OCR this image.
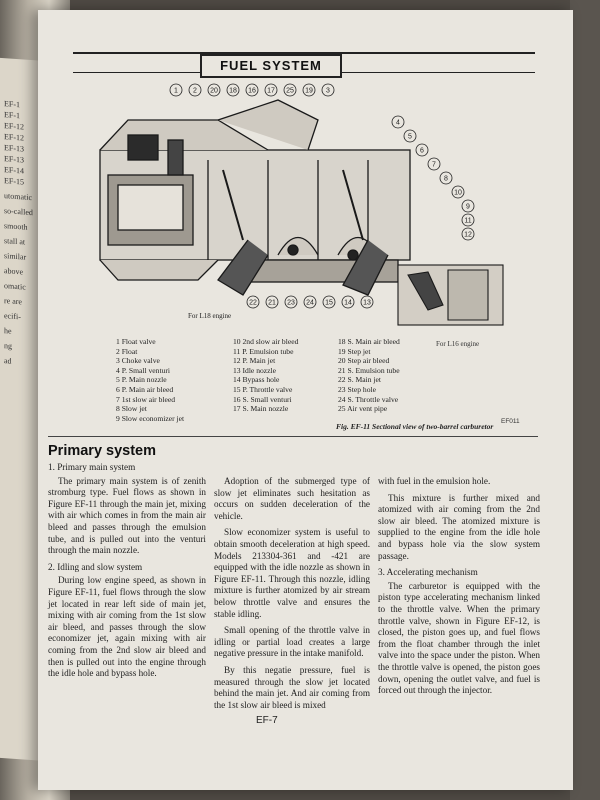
EF-1
EF-1
EF-12
EF-12
EF-13
EF-13
EF-14
EF-15
utomatic
so-called
smooth
stall at
similar
above
omatic
re are
ecifi-
he
ng
ad
FUEL SYSTEM
1 2 20 18 16 17 25 19 3
4
5
6
7
8
10
9
11
12
22 21 23 24 15 14 13
For L18 engine
For L16 engine
EF011
1 Float valve
2 Float
3 Choke valve
4 P. Small venturi
5 P. Main nozzle
6 P. Main air bleed
7 1st slow air bleed
8 Slow jet
9 Slow economizer jet
10 2nd slow air bleed
11 P. Emulsion tube
12 P. Main jet
13 Idle nozzle
14 Bypass hole
15 P. Throttle valve
16 S. Small venturi
17 S. Main nozzle
18 S. Main air bleed
19 Step jet
20 Step air bleed
21 S. Emulsion tube
22 S. Main jet
23 Step hole
24 S. Throttle valve
25 Air vent pipe
Fig. EF-11 Sectional view of two-barrel carburetor
Primary system

1. Primary main system

The primary main system is of zenith stromburg type. Fuel flows as shown in Figure EF-11 through the main jet, mixing with air which comes in from the main air bleed and passes through the emulsion tube, and is pulled out into the venturi through the main nozzle.

2. Idling and slow system

During low engine speed, as shown in Figure EF-11, fuel flows through the slow jet located in rear left side of main jet, mixing with air coming from the 1st slow air bleed, and passes through the slow economizer jet, again mixing with air coming from the 2nd slow air bleed and then is pulled out into the engine through the idle hole and bypass hole.

Adoption of the submerged type of slow jet eliminates such hesitation as occurs on sudden deceleration of the vehicle.

Slow economizer system is useful to obtain smooth deceleration at high speed. Models 213304-361 and -421 are equipped with the idle nozzle as shown in Figure EF-11. Through this nozzle, idling mixture is further atomized by air stream below throttle valve and ensures the stable idling.

Small opening of the throttle valve in idling or partial load creates a large negative pressure in the intake manifold.

By this negatie pressure, fuel is measured through the slow jet located behind the main jet. And air coming from the 1st slow air bleed is mixed

with fuel in the emulsion hole.

This mixture is further mixed and atomized with air coming from the 2nd slow air bleed. The atomized mixture is supplied to the engine from the idle hole and bypass hole via the slow system passage.

3. Accelerating mechanism

The carburetor is equipped with the piston type accelerating mechanism linked to the throttle valve. When the primary throttle valve, shown in Figure EF-12, is closed, the piston goes up, and fuel flows from the float chamber through the inlet valve into the space under the piston. When the throttle valve is opened, the piston goes down, opening the outlet valve, and fuel is forced out through the injector.

EF-7
